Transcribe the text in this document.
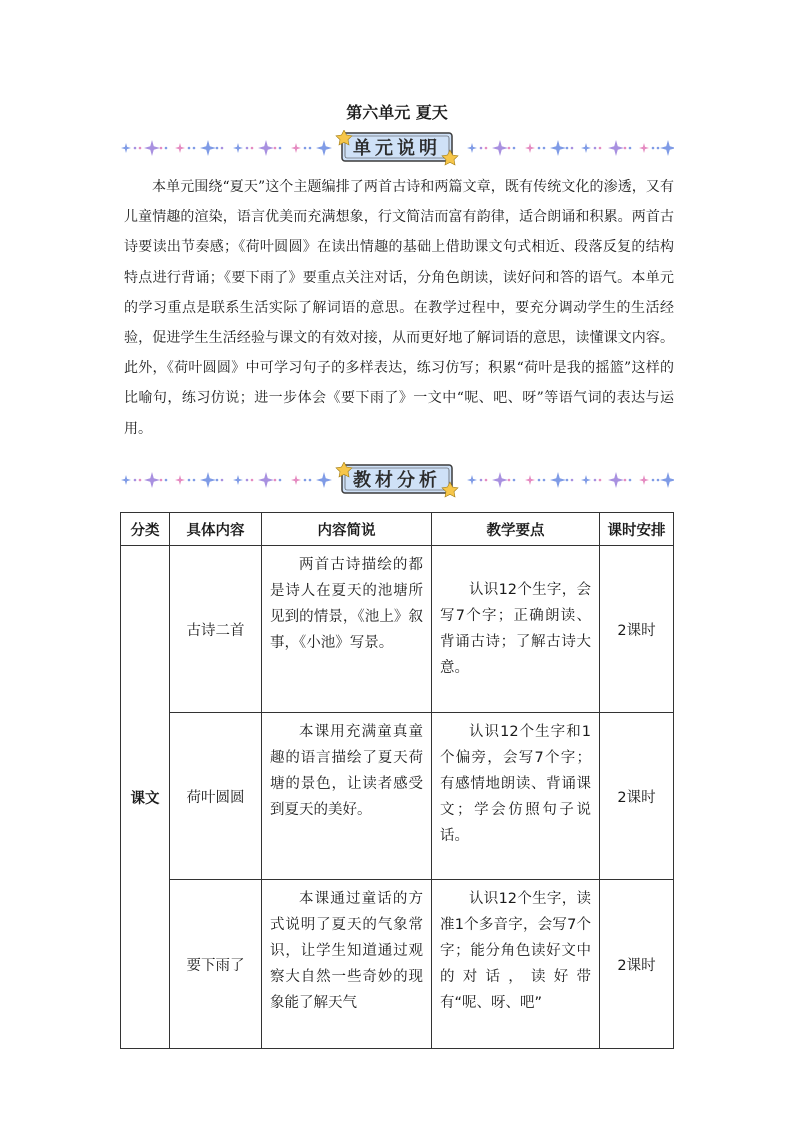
第六单元 夏天
单元说明

本单元围绕“夏天”这个主题编排了两首古诗和两篇文章，既有传统文化的渗透，又有儿童情趣的渲染，语言优美而充满想象，行文简洁而富有韵律，适合朗诵和积累。两首古诗要读出节奏感；《荷叶圆圆》在读出情趣的基础上借助课文句式相近、段落反复的结构特点进行背诵；《要下雨了》要重点关注对话，分角色朗读，读好问和答的语气。本单元的学习重点是联系生活实际了解词语的意思。在教学过程中，要充分调动学生的生活经验，促进学生生活经验与课文的有效对接，从而更好地了解词语的意思，读懂课文内容。此外，《荷叶圆圆》中可学习句子的多样表达，练习仿写；积累“荷叶是我的摇篮”这样的比喻句，练习仿说；进一步体会《要下雨了》一文中“呢、吧、呀”等语气词的表达与运用。

教材分析
分类	具体内容	内容简说	教学要点	课时安排
课文	古诗二首	两首古诗描绘的都是诗人在夏天的池塘所见到的情景，《池上》叙事，《小池》写景。	认识12个生字，会写7个字；正确朗读、背诵古诗；了解古诗大意。	2课时
	荷叶圆圆	本课用充满童真童趣的语言描绘了夏天荷塘的景色，让读者感受到夏天的美好。	认识12个生字和1个偏旁，会写7个字；有感情地朗读、背诵课文；学会仿照句子说话。	2课时
	要下雨了	本课通过童话的方式说明了夏天的气象常识，让学生知道通过观察大自然一些奇妙的现象能了解天气	认识12个生字，读准1个多音字，会写7个字；能分角色读好文中的对话，读好带有“呢、呀、吧”	2课时
